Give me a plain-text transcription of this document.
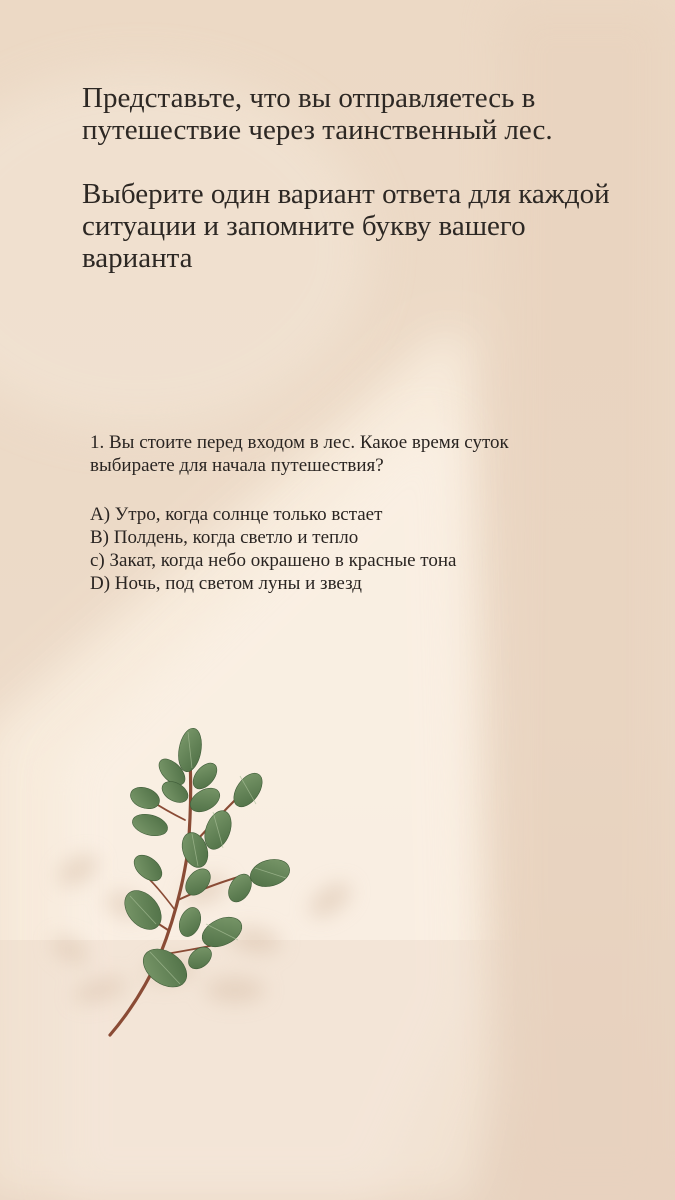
Представьте, что вы отправляетесь в путешествие через таинственный лес.

Выберите один вариант ответа для каждой ситуации и запомните букву вашего варианта

1. Вы стоите перед входом в лес. Какое время суток выбираете для начала путешествия?

А) Утро, когда солнце только встает
B) Полдень, когда светло и тепло
с) Закат, когда небо окрашено в красные тона
D) Ночь, под светом луны и звезд
